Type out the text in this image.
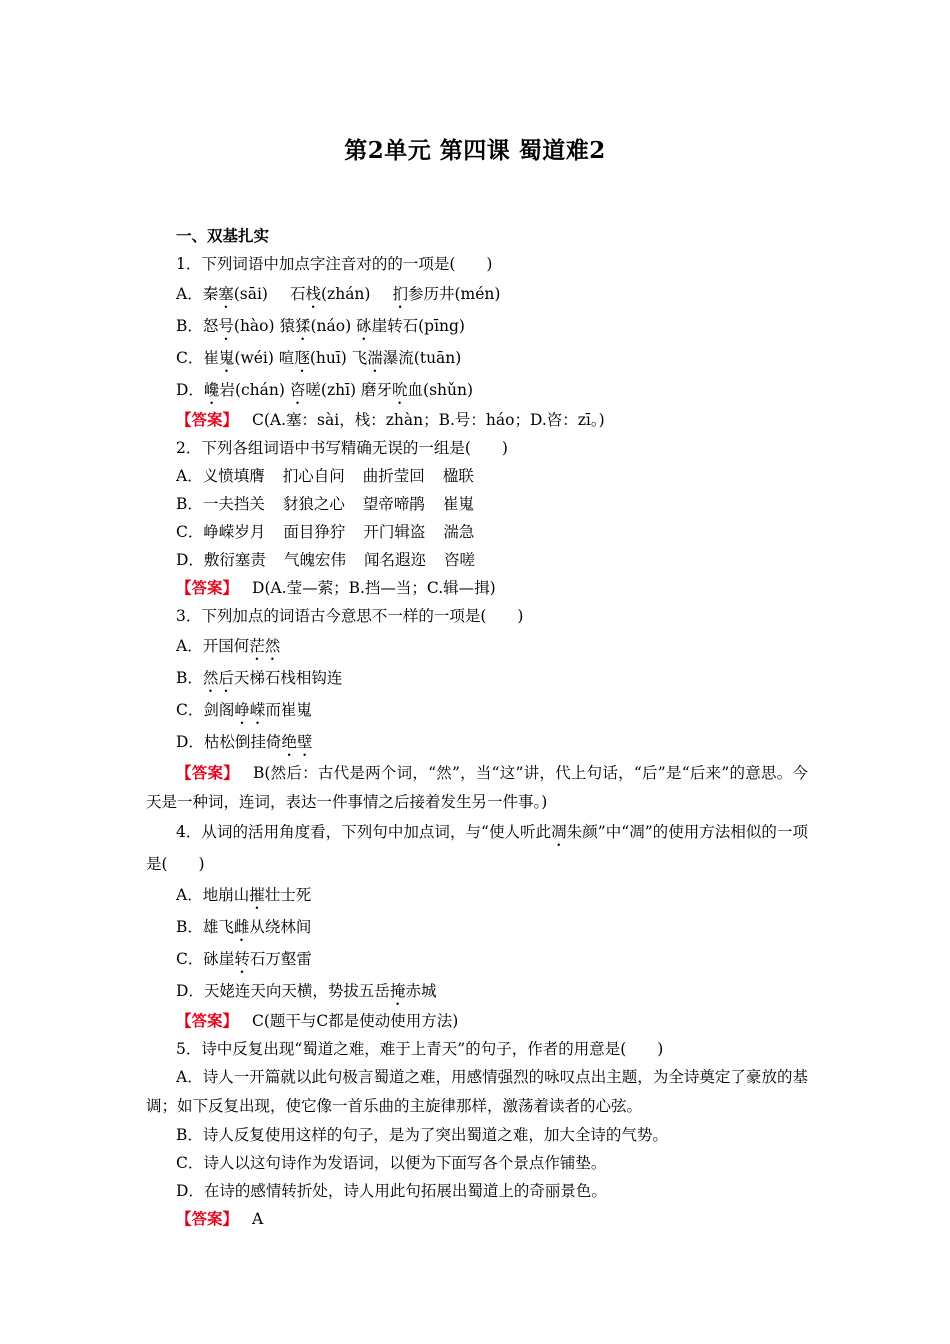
第2单元 第四课 蜀道难2
一、双基扎实
1．下列词语中加点字注音对的的一项是(　　)
A．秦塞(sāi) 石栈(zhán) 扪参历井(mén)
B．怒号(hào) 猿猱(náo) 砯崖转石(pīng)
C．崔嵬(wéi) 喧豗(huī) 飞湍瀑流(tuān)
D．巉岩(chán) 咨嗟(zhī) 磨牙吮血(shǔn)
【答案】 C(A.塞：sài，栈：zhàn；B.号：háo；D.咨：zī。)
2．下列各组词语中书写精确无误的一组是(　　)
A．义愤填膺 扪心自问 曲折莹回 楹联
B．一夫挡关 豺狼之心 望帝啼鹃 崔嵬
C．峥嵘岁月 面目狰狞 开门辑盗 湍急
D．敷衍塞责 气魄宏伟 闻名遐迩 咨嗟
【答案】 D(A.莹—萦；B.挡—当；C.辑—揖)
3．下列加点的词语古今意思不一样的一项是(　　)
A．开国何茫然
B．然后天梯石栈相钩连
C．剑阁峥嵘而崔嵬
D．枯松倒挂倚绝壁
【答案】 B(然后：古代是两个词，“然”，当“这”讲，代上句话，“后”是“后来”的意思。今天是一种词，连词，表达一件事情之后接着发生另一件事。)
4．从词的活用角度看，下列句中加点词，与“使人听此凋朱颜”中“凋”的使用方法相似的一项是(　　)
A．地崩山摧壮士死
B．雄飞雌从绕林间
C．砯崖转石万壑雷
D．天姥连天向天横，势拔五岳掩赤城
【答案】 C(题干与C都是使动使用方法)
5．诗中反复出现“蜀道之难，难于上青天”的句子，作者的用意是(　　)
A．诗人一开篇就以此句极言蜀道之难，用感情强烈的咏叹点出主题，为全诗奠定了豪放的基调；如下反复出现，使它像一首乐曲的主旋律那样，激荡着读者的心弦。
B．诗人反复使用这样的句子，是为了突出蜀道之难，加大全诗的气势。
C．诗人以这句诗作为发语词，以便为下面写各个景点作铺垫。
D．在诗的感情转折处，诗人用此句拓展出蜀道上的奇丽景色。
【答案】 A
